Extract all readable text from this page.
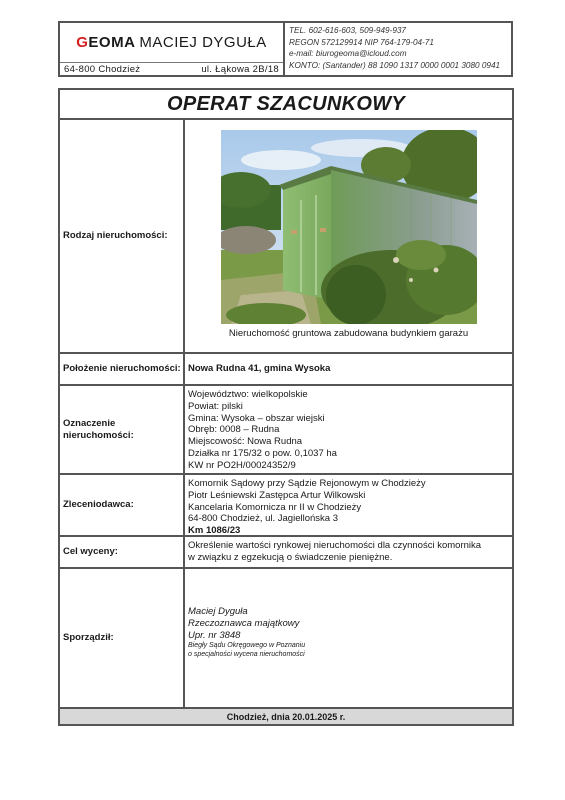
G EOMA MACIEJ DYGUŁA
64-800 Chodzież	ul. Łąkowa 2B/18
TEL. 602-616-603, 509-949-937
REGON 572129914 NIP 764-179-04-71
e-mail: biurogeoma@icloud.com
KONTO: (Santander) 88 1090 1317 0000 0001 3080 0941
OPERAT SZACUNKOWY
Rodzaj nieruchomości:
Nieruchomość gruntowa zabudowana budynkiem garażu
Położenie nieruchomości: Nowa Rudna 41, gmina Wysoka
Oznaczenie nieruchomości:
Województwo: wielkopolskie
Powiat: pilski
Gmina: Wysoka – obszar wiejski
Obręb: 0008 – Rudna
Miejscowość: Nowa Rudna
Działka nr 175/32 o pow. 0,1037 ha
KW nr PO2H/00024352/9
Zleceniodawca:
Komornik Sądowy przy Sądzie Rejonowym w Chodzieży
Piotr Leśniewski Zastępca Artur Wilkowski
Kancelaria Komornicza nr II w Chodzieży
64-800 Chodzież, ul. Jagiellońska 3
Km 1086/23
Cel wyceny:
Określenie wartości rynkowej nieruchomości dla czynności komornika
w związku z egzekucją o świadczenie pieniężne.
Sporządził:
Maciej Dyguła
Rzeczoznawca majątkowy
Upr. nr 3848
Biegły Sądu Okręgowego w Poznaniu
o specjalności wycena nieruchomości
Chodzież, dnia 20.01.2025 r.
